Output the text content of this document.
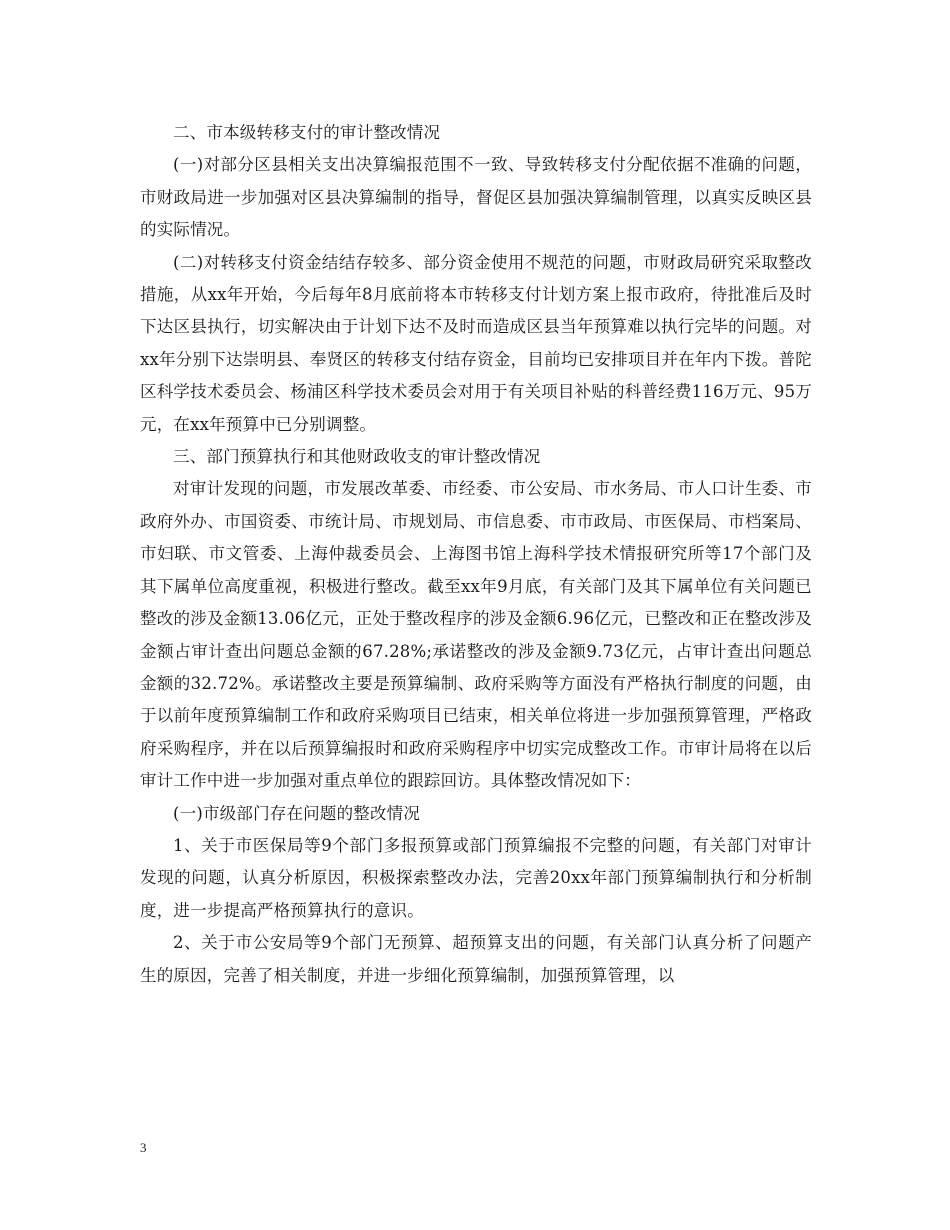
二、市本级转移支付的审计整改情况

(一)对部分区县相关支出决算编报范围不一致、导致转移支付分配依据不准确的问题，市财政局进一步加强对区县决算编制的指导，督促区县加强决算编制管理，以真实反映区县的实际情况。

(二)对转移支付资金结结存较多、部分资金使用不规范的问题，市财政局研究采取整改措施，从xx年开始，今后每年8月底前将本市转移支付计划方案上报市政府，待批准后及时下达区县执行，切实解决由于计划下达不及时而造成区县当年预算难以执行完毕的问题。对xx年分别下达崇明县、奉贤区的转移支付结存资金，目前均已安排项目并在年内下拨。普陀区科学技术委员会、杨浦区科学技术委员会对用于有关项目补贴的科普经费116万元、95万元，在xx年预算中已分别调整。

三、部门预算执行和其他财政收支的审计整改情况

对审计发现的问题，市发展改革委、市经委、市公安局、市水务局、市人口计生委、市政府外办、市国资委、市统计局、市规划局、市信息委、市市政局、市医保局、市档案局、市妇联、市文管委、上海仲裁委员会、上海图书馆上海科学技术情报研究所等17个部门及其下属单位高度重视，积极进行整改。截至xx年9月底，有关部门及其下属单位有关问题已整改的涉及金额13.06亿元，正处于整改程序的涉及金额6.96亿元，已整改和正在整改涉及金额占审计查出问题总金额的67.28%;承诺整改的涉及金额9.73亿元，占审计查出问题总金额的32.72%。承诺整改主要是预算编制、政府采购等方面没有严格执行制度的问题，由于以前年度预算编制工作和政府采购项目已结束，相关单位将进一步加强预算管理，严格政府采购程序，并在以后预算编报时和政府采购程序中切实完成整改工作。市审计局将在以后审计工作中进一步加强对重点单位的跟踪回访。具体整改情况如下：

(一)市级部门存在问题的整改情况

1、关于市医保局等9个部门多报预算或部门预算编报不完整的问题，有关部门对审计发现的问题，认真分析原因，积极探索整改办法，完善20xx年部门预算编制执行和分析制度，进一步提高严格预算执行的意识。

2、关于市公安局等9个部门无预算、超预算支出的问题，有关部门认真分析了问题产生的原因，完善了相关制度，并进一步细化预算编制，加强预算管理，以

3
